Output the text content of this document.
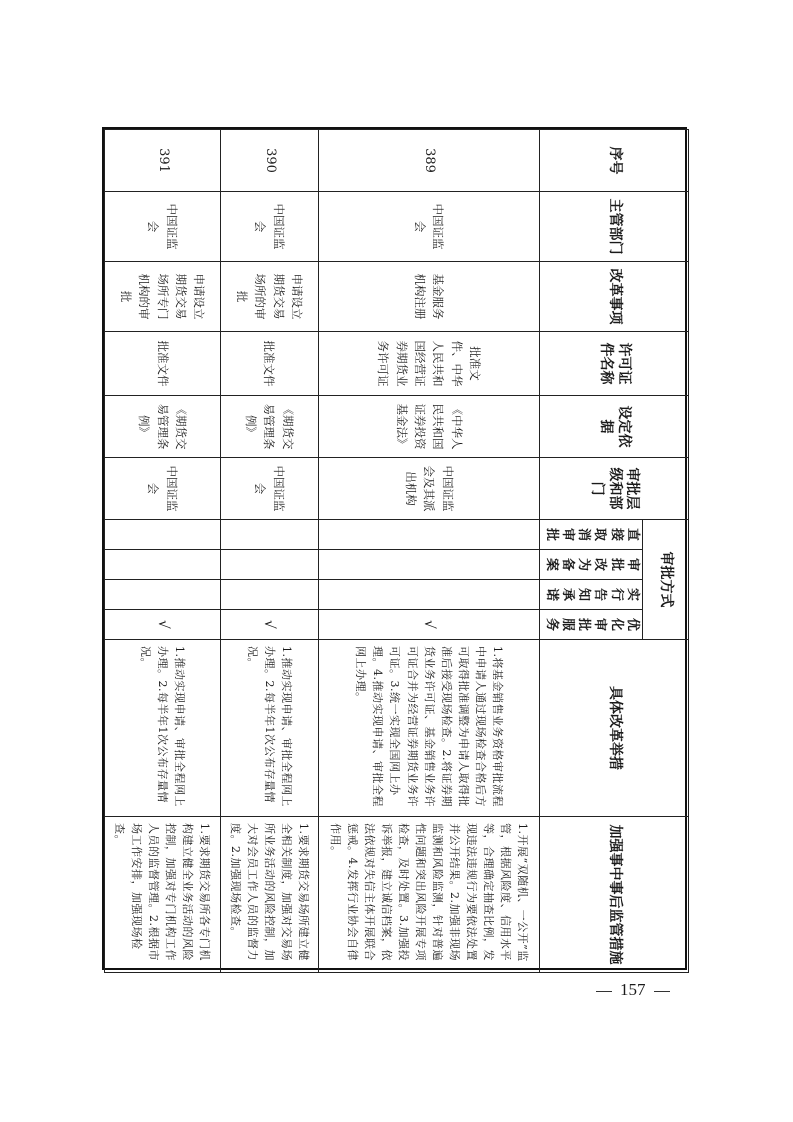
序号	主管部门	改革事项	许可证件名称	设定依据	审批层级和部门	审批方式				具体改革举措	加强事中事后监管措施
						直接取消审批	审批改为备案	实行告知承诺	优化审批服务		
389	中国证监会	基金服务机构注册	批准文件、中华人民共和国经营证券期货业务许可证	《中华人民共和国证券投资基金法》	中国证监会及其派出机构				√	1.将基金销售业务资格审批流程中申请人通过现场检查合格后方可取得批准调整为申请人取得批准后接受现场检查。2.将证券期货业务许可证、基金销售业务许可证合并为经营证券期货业务许可证。3.统一实现全国网上办理。4.推动实现申请、审批全程网上办理。	1.开展“双随机、一公开”监管，根据风险度、信用水平等，合理确定抽查比例，发现违法违规行为要依法处置并公开结果。2.加强非现场监测和风险监测，针对普遍性问题和突出风险开展专项检查，及时处置。3.加强投诉举报，建立诚信档案，依法依规对失信主体开展联合惩戒。4.发挥行业协会自律作用。
390	中国证监会	申请设立期货交易场所的审批	批准文件	《期货交易管理条例》	中国证监会				√	1.推动实现申请、审批全程网上办理。2.每半年1次公布存量情况。	1.要求期货交易场所建立健全相关制度，加强对交易场所业务活动的风险控制，加大对会员工作人员的监督力度。2.加强现场检查。
391	中国证监会	申请设立期货交易场所专门机构的审批	批准文件	《期货交易管理条例》	中国证监会				√	1.推动实现申请、审批全程网上办理。2.每半年1次公布存量情况。	1.要求期货交易所各专门机构建立健全业务活动的风险控制，加强对专门机构工作人员的监督管理。2.根据市场工作安排，加强现场检查。
157
